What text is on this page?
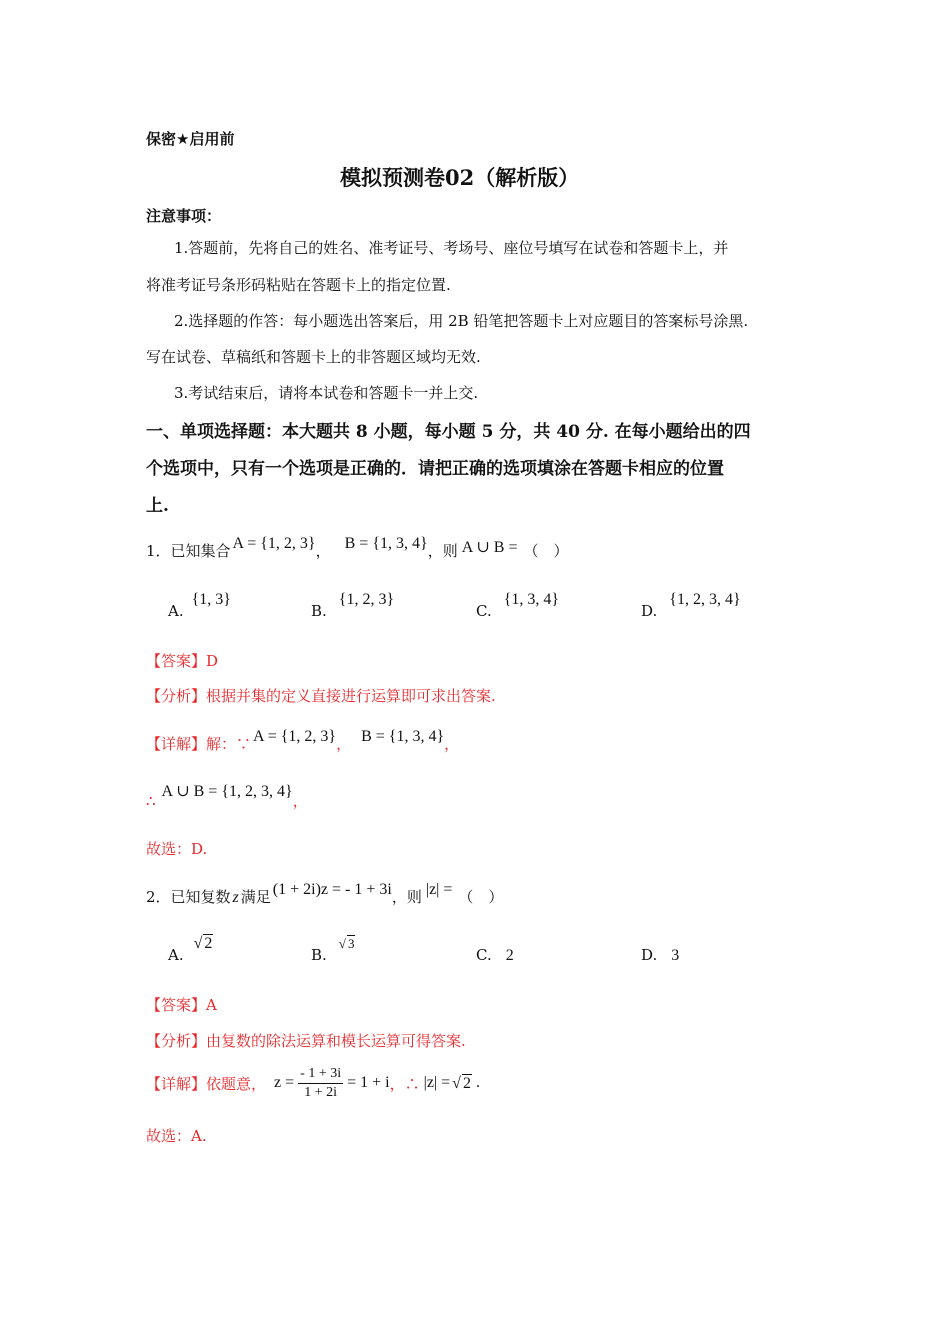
保密★启用前
模拟预测卷02（解析版）
注意事项：
1.答题前，先将自己的姓名、准考证号、考场号、座位号填写在试卷和答题卡上，并
将准考证号条形码粘贴在答题卡上的指定位置.
2.选择题的作答：每小题选出答案后，用 2B 铅笔把答题卡上对应题目的答案标号涂黑.
写在试卷、草稿纸和答题卡上的非答题区域均无效.
3.考试结束后，请将本试卷和答题卡一并上交.
一、单项选择题：本大题共 8 小题，每小题 5 分，共 40 分. 在每小题给出的四
个选项中，只有一个选项是正确的．请把正确的选项填涂在答题卡相应的位置
上.
1．已知集合 A = {1, 2, 3}， B = {1, 3, 4}，则 A ∪ B = （　）
A.{1, 3}
B.{1, 2, 3}
C.{1, 3, 4}
D.{1, 2, 3, 4}
【答案】D
【分析】根据并集的定义直接进行运算即可求出答案.
【详解】解：∵ A = {1, 2, 3}， B = {1, 3, 4}，
∴A ∪ B = {1, 2, 3, 4}，
故选：D.
2．已知复数 z 满足 (1 + 2i)z = - 1 + 3i，则 |z| = （　）
A.√ 2
B.√ 3
C. 2	D. 3
【答案】A
【分析】由复数的除法运算和模长运算可得答案.
【详解】 依题意， $z = \frac{- 1 + 3i}{1 + 2i} = 1 + i$ ，∴ |z| = √ 2 .
故选：A.
